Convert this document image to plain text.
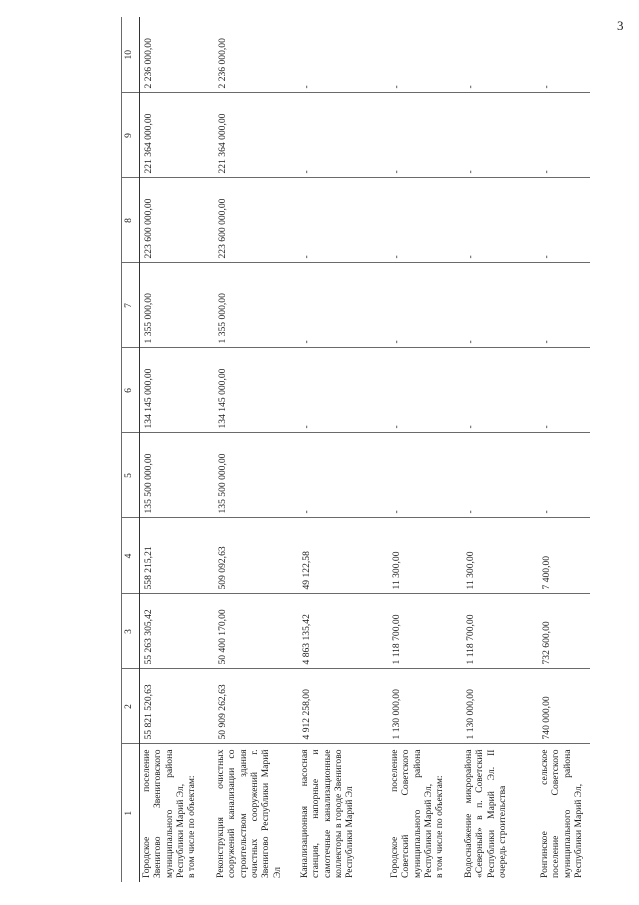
3
1	2	3	4	5	6	7	8	9	10

Городское поселение Звенигово Звениговского муниципального района Республики Марий Эл, в том числе по объектам:	55 821 520,63	55 263 305,42	558 215,21	135 500 000,00	134 145 000,00	1 355 000,00	223 600 000,00	221 364 000,00	2 236 000,00

Реконструкция очистных сооружений канализации со строительством здания очистных сооружений г. Звенигово Республики Марий Эл	50 909 262,63	50 400 170,00	509 092,63	135 500 000,00	134 145 000,00	1 355 000,00	223 600 000,00	221 364 000,00	2 236 000,00

Канализационная насосная станция, напорные и самотечные канализационные коллекторы в городе Звенигово Республики Марий Эл	4 912 258,00	4 863 135,42	49 122,58	-	-	-	-	-	-

Городское поселение Советский Советского муниципального района Республики Марий Эл, в том числе по объектам:	1 130 000,00	1 118 700,00	11 300,00	-	-	-	-	-	-

Водоснабжение микрорайона «Северный» в п. Советский Республики Марий Эл. II очередь строительства	1 130 000,00	1 118 700,00	11 300,00	-	-	-	-	-	-

Ронгинское сельское поселение Советского муниципального района Республики Марий Эл,	740 000,00	732 600,00	7 400,00	-	-	-	-	-	-
